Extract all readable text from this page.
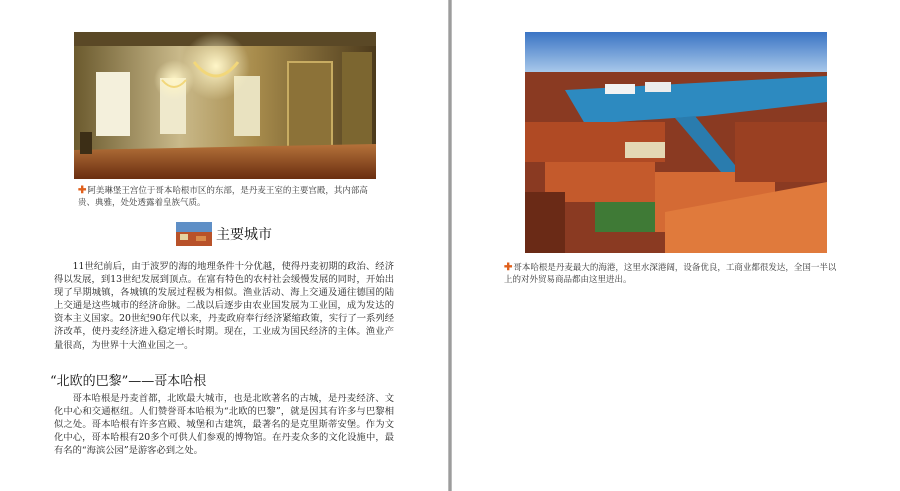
✚阿美琳堡王宫位于哥本哈根市区的东部，是丹麦王室的主要宫殿，其内部高贵、典雅，处处透露着皇族气质。
主要城市
11世纪前后，由于波罗的海的地理条件十分优越，使得丹麦初期的政治、经济得以发展，到13世纪发展到顶点。在富有特色的农村社会缓慢发展的同时，开始出现了早期城镇，各城镇的发展过程极为相似。渔业活动、海上交通及通往德国的陆上交通是这些城市的经济命脉。二战以后逐步由农业国发展为工业国，成为发达的资本主义国家。20世纪90年代以来，丹麦政府奉行经济紧缩政策，实行了一系列经济改革，使丹麦经济进入稳定增长时期。现在，工业成为国民经济的主体。渔业产量很高，为世界十大渔业国之一。
“北欧的巴黎”——哥本哈根
哥本哈根是丹麦首都，北欧最大城市，也是北欧著名的古城，是丹麦经济、文化中心和交通枢纽。人们赞誉哥本哈根为“北欧的巴黎”，就是因其有许多与巴黎相似之处。哥本哈根有许多宫殿、城堡和古建筑，最著名的是克里斯蒂安堡。作为文化中心，哥本哈根有20多个可供人们参观的博物馆。在丹麦众多的文化设施中，最有名的“海滨公园”是游客必到之处。
✚哥本哈根是丹麦最大的海港，这里水深港阔，设备优良，工商业都很发达，全国一半以上的对外贸易商品都由这里进出。
